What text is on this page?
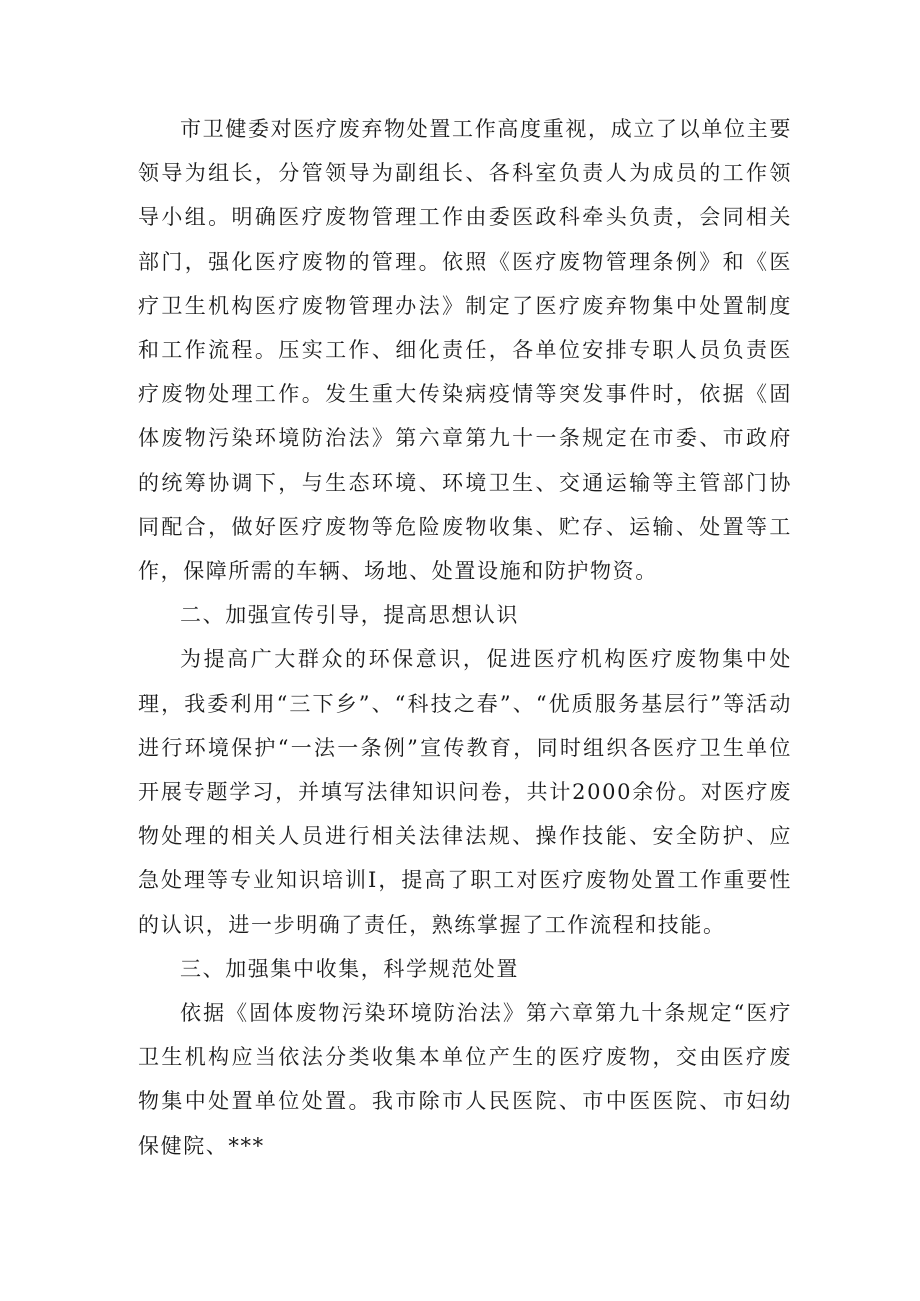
市卫健委对医疗废弃物处置工作高度重视，成立了以单位主要领导为组长，分管领导为副组长、各科室负责人为成员的工作领导小组。明确医疗废物管理工作由委医政科牵头负责，会同相关部门，强化医疗废物的管理。依照《医疗废物管理条例》和《医疗卫生机构医疗废物管理办法》制定了医疗废弃物集中处置制度和工作流程。压实工作、细化责任，各单位安排专职人员负责医疗废物处理工作。发生重大传染病疫情等突发事件时，依据《固体废物污染环境防治法》第六章第九十一条规定在市委、市政府的统筹协调下，与生态环境、环境卫生、交通运输等主管部门协同配合，做好医疗废物等危险废物收集、贮存、运输、处置等工作，保障所需的车辆、场地、处置设施和防护物资。

二、加强宣传引导，提高思想认识

为提高广大群众的环保意识，促进医疗机构医疗废物集中处理，我委利用“三下乡”、“科技之春”、“优质服务基层行”等活动进行环境保护“一法一条例”宣传教育，同时组织各医疗卫生单位开展专题学习，并填写法律知识问卷，共计2000余份。对医疗废物处理的相关人员进行相关法律法规、操作技能、安全防护、应急处理等专业知识培训I，提高了职工对医疗废物处置工作重要性的认识，进一步明确了责任，熟练掌握了工作流程和技能。

三、加强集中收集，科学规范处置

依据《固体废物污染环境防治法》第六章第九十条规定“医疗卫生机构应当依法分类收集本单位产生的医疗废物，交由医疗废物集中处置单位处置。我市除市人民医院、市中医医院、市妇幼保健院、***
